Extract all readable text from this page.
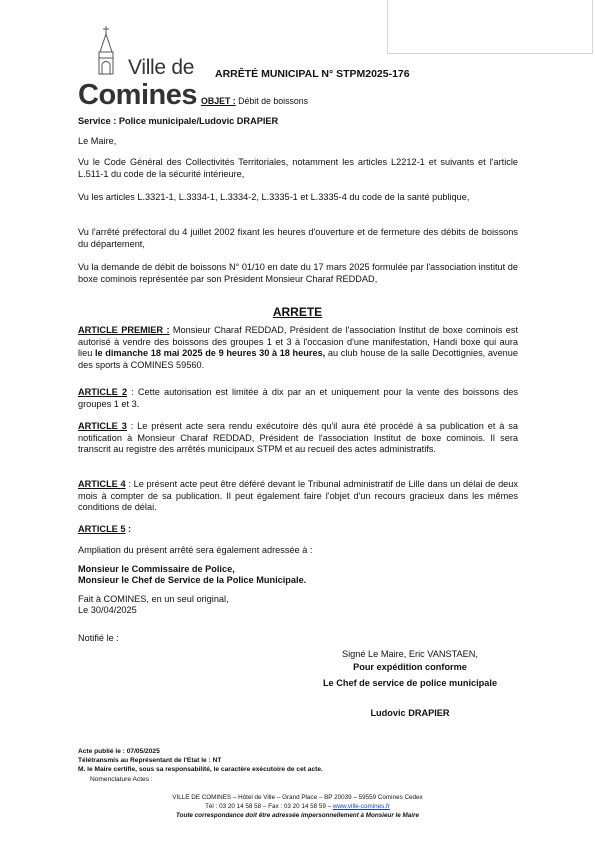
Ville de
Comines
ARRÊTÉ MUNICIPAL N° STPM2025-176
OBJET : Débit de boissons
Service : Police municipale/Ludovic DRAPIER
Le Maire,
Vu le Code Général des Collectivités Territoriales, notamment les articles L2212-1 et suivants et l'article L.511-1 du code de la sécurité intérieure,
Vu les articles L.3321-1, L.3334-1, L.3334-2, L.3335-1 et L.3335-4 du code de la santé publique,
Vu l'arrêté préfectoral du 4 juillet 2002 fixant les heures d'ouverture et de fermeture des débits de boissons du département,
Vu la demande de débit de boissons N° 01/10 en date du 17 mars 2025 formulée par l'association institut de boxe cominois représentée par son Président Monsieur Charaf REDDAD,
ARRETE
ARTICLE PREMIER : Monsieur Charaf REDDAD, Président de l'association Institut de boxe cominois est autorisé à vendre des boissons des groupes 1 et 3 à l'occasion d'une manifestation, Handi boxe qui aura lieu le dimanche 18 mai 2025 de 9 heures 30 à 18 heures, au club house de la salle Decottignies, avenue des sports à COMINES 59560.
ARTICLE 2 : Cette autorisation est limitée à dix par an et uniquement pour la vente des boissons des groupes 1 et 3.
ARTICLE 3 : Le présent acte sera rendu exécutoire dès qu'il aura été procédé à sa publication et à sa notification à Monsieur Charaf REDDAD, Président de l'association Institut de boxe cominois. Il sera transcrit au registre des arrêtés municipaux STPM et au recueil des actes administratifs.
ARTICLE 4 : Le présent acte peut être déféré devant le Tribunal administratif de Lille dans un délai de deux mois à compter de sa publication. Il peut également faire l'objet d'un recours gracieux dans les mêmes conditions de délai.
ARTICLE 5 :
Ampliation du présent arrêté sera également adressée à :
Monsieur le Commissaire de Police,
Monsieur le Chef de Service de la Police Municipale.
Fait à COMINES, en un seul original,
Le 30/04/2025
Notifié le :
Signé Le Maire, Eric VANSTAEN,
Pour expédition conforme
Le Chef de service de police municipale
Ludovic DRAPIER
Acte publié le : 07/05/2025
Télétransmis au Représentant de l'Etat le : NT
M. le Maire certifie, sous sa responsabilité, le caractère exécutoire de cet acte.
Nomenclature Actes :
VILLE DE COMINES – Hôtel de Ville – Grand Place – BP 20039 – 59559 Comines Cedex
Tél : 03 20 14 58 58 – Fax : 03 20 14 58 59 – www.ville-comines.fr
Toute correspondance doit être adressée impersonnellement à Monsieur le Maire
